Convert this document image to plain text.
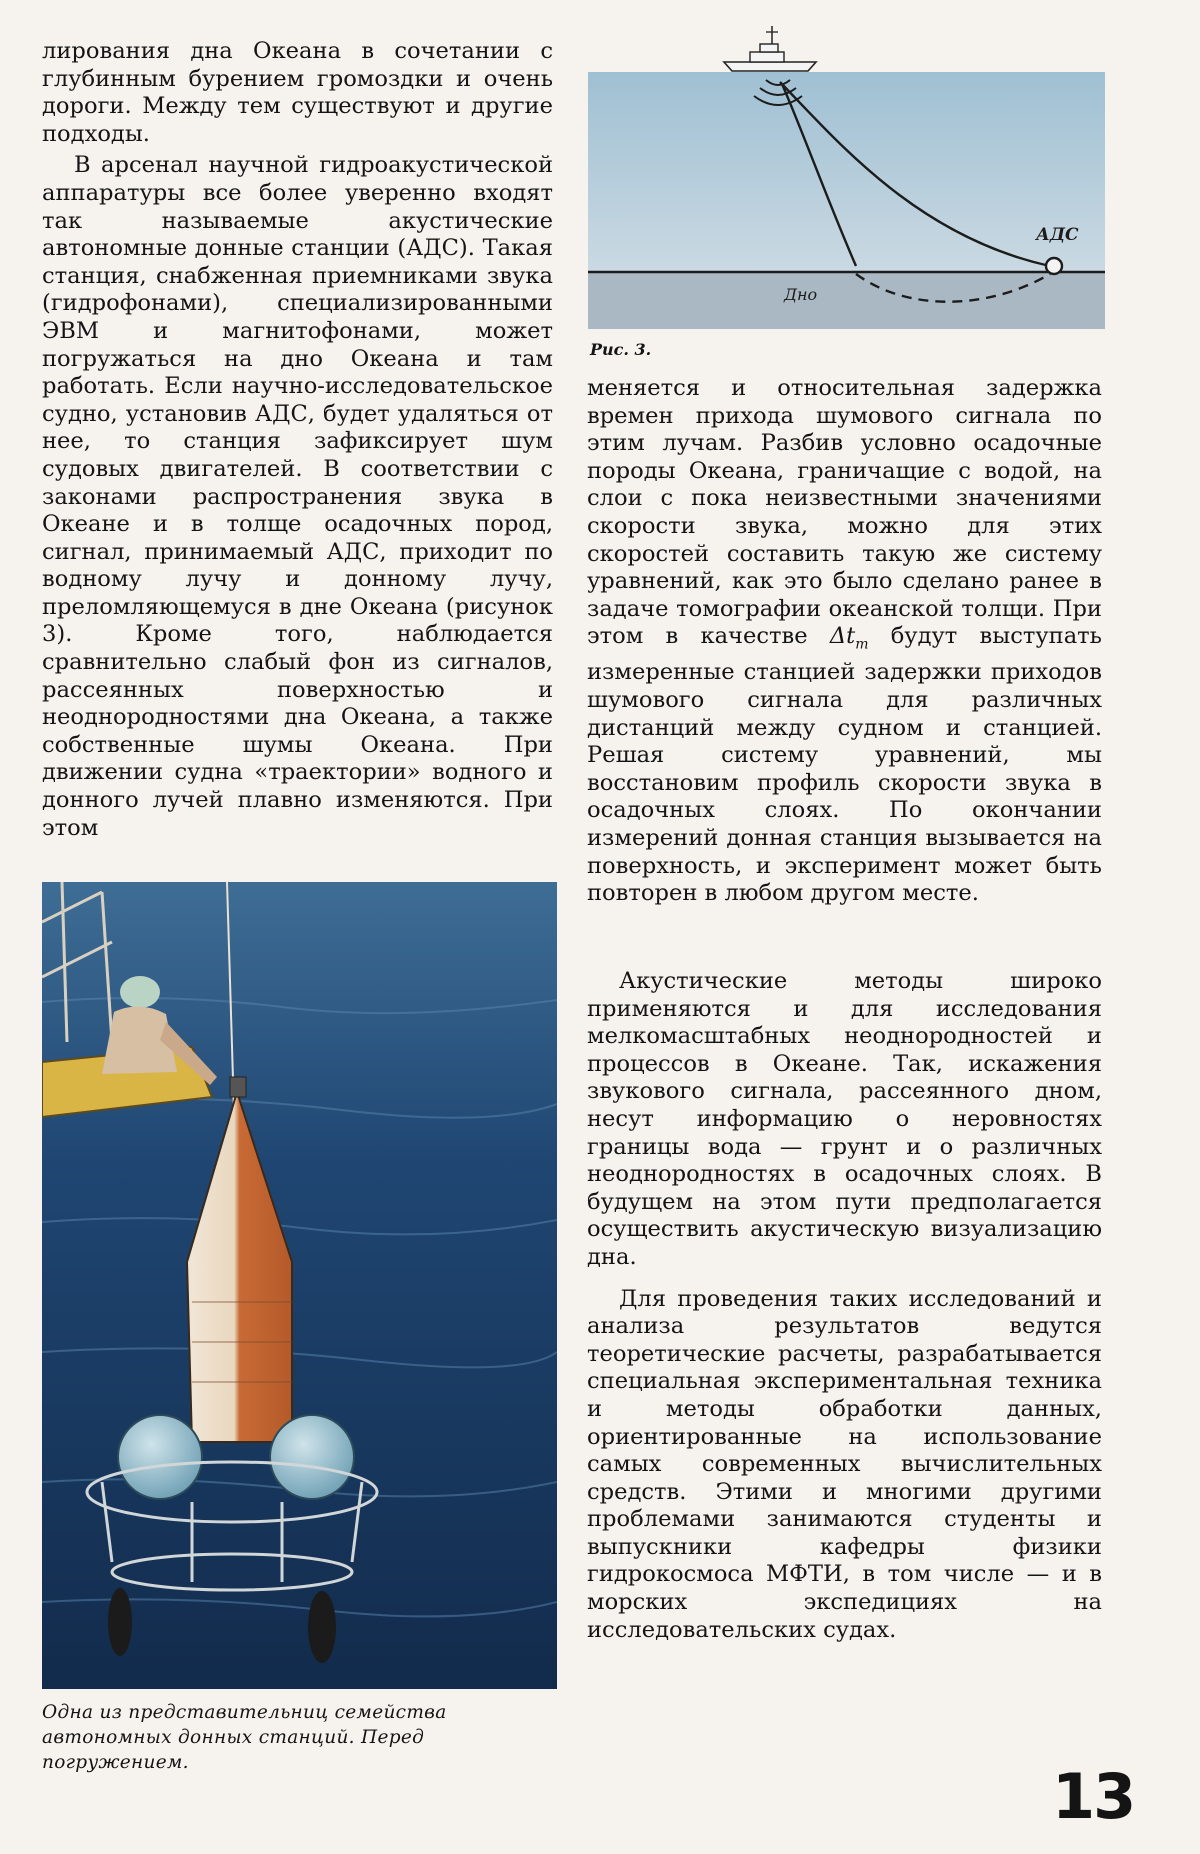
лирования дна Океана в сочетании с глубинным бурением громоздки и очень дороги. Между тем существуют и другие подходы.

В арсенал научной гидроакустической аппаратуры все более уверенно входят так называемые акустические автономные донные станции (АДС). Такая станция, снабженная приемниками звука (гидрофонами), специализированными ЭВМ и магнитофонами, может погружаться на дно Океана и там работать. Если научно-исследовательское судно, установив АДС, будет удаляться от нее, то станция зафиксирует шум судовых двигателей. В соответствии с законами распространения звука в Океане и в толще осадочных пород, сигнал, принимаемый АДС, приходит по водному лучу и донному лучу, преломляющемуся в дне Океана (рисунок 3). Кроме того, наблюдается сравнительно слабый фон из сигналов, рассеянных поверхностью и неоднородностями дна Океана, а также собственные шумы Океана. При движении судна «траектории» водного и донного лучей плавно изменяются. При этом

АДС
Дно
Рис. 3.

меняется и относительная задержка времен прихода шумового сигнала по этим лучам. Разбив условно осадочные породы Океана, граничащие с водой, на слои с пока неизвестными значениями скорости звука, можно для этих скоростей составить такую же систему уравнений, как это было сделано ранее в задаче томографии океанской толщи. При этом в качестве $\Delta t_m$ будут выступать измеренные станцией задержки приходов шумового сигнала для различных дистанций между судном и станцией. Решая систему уравнений, мы восстановим профиль скорости звука в осадочных слоях. По окончании измерений донная станция вызывается на поверхность, и эксперимент может быть повторен в любом другом месте.

Акустические методы широко применяются и для исследования мелкомасштабных неоднородностей и процессов в Океане. Так, искажения звукового сигнала, рассеянного дном, несут информацию о неровностях границы вода — грунт и о различных неоднородностях в осадочных слоях. В будущем на этом пути предполагается осуществить акустическую визуализацию дна.

Для проведения таких исследований и анализа результатов ведутся теоретические расчеты, разрабатывается специальная экспериментальная техника и методы обработки данных, ориентированные на использование самых современных вычислительных средств. Этими и многими другими проблемами занимаются студенты и выпускники кафедры физики гидрокосмоса МФТИ, в том числе — и в морских экспедициях на исследовательских судах.

Одна из представительниц семейства автономных донных станций. Перед погружением.	13
